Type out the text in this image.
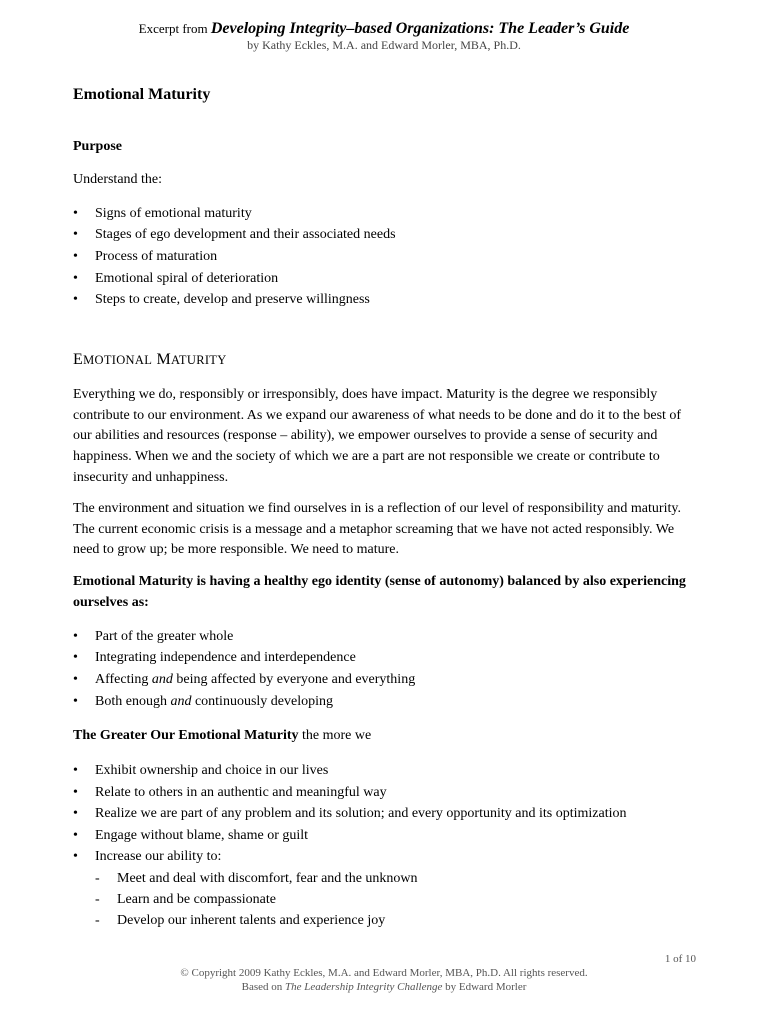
Excerpt from Developing Integrity–based Organizations: The Leader’s Guide
by Kathy Eckles, M.A. and Edward Morler, MBA, Ph.D.
Emotional Maturity
Purpose

Understand the:

• Signs of emotional maturity
• Stages of ego development and their associated needs
• Process of maturation
• Emotional spiral of deterioration
• Steps to create, develop and preserve willingness
EMOTIONAL MATURITY

Everything we do, responsibly or irresponsibly, does have impact. Maturity is the degree we responsibly contribute to our environment. As we expand our awareness of what needs to be done and do it to the best of our abilities and resources (response – ability), we empower ourselves to provide a sense of security and happiness. When we and the society of which we are a part are not responsible we create or contribute to insecurity and unhappiness.

The environment and situation we find ourselves in is a reflection of our level of responsibility and maturity. The current economic crisis is a message and a metaphor screaming that we have not acted responsibly. We need to grow up; be more responsible. We need to mature.

Emotional Maturity is having a healthy ego identity (sense of autonomy) balanced by also experiencing ourselves as:

• Part of the greater whole
• Integrating independence and interdependence
• Affecting and being affected by everyone and everything
• Both enough and continuously developing

The Greater Our Emotional Maturity the more we

• Exhibit ownership and choice in our lives
• Relate to others in an authentic and meaningful way
• Realize we are part of any problem and its solution; and every opportunity and its optimization
• Engage without blame, shame or guilt
• Increase our ability to:
- Meet and deal with discomfort, fear and the unknown
- Learn and be compassionate
- Develop our inherent talents and experience joy
1 of 10
© Copyright 2009 Kathy Eckles, M.A. and Edward Morler, MBA, Ph.D. All rights reserved.
Based on The Leadership Integrity Challenge by Edward Morler
